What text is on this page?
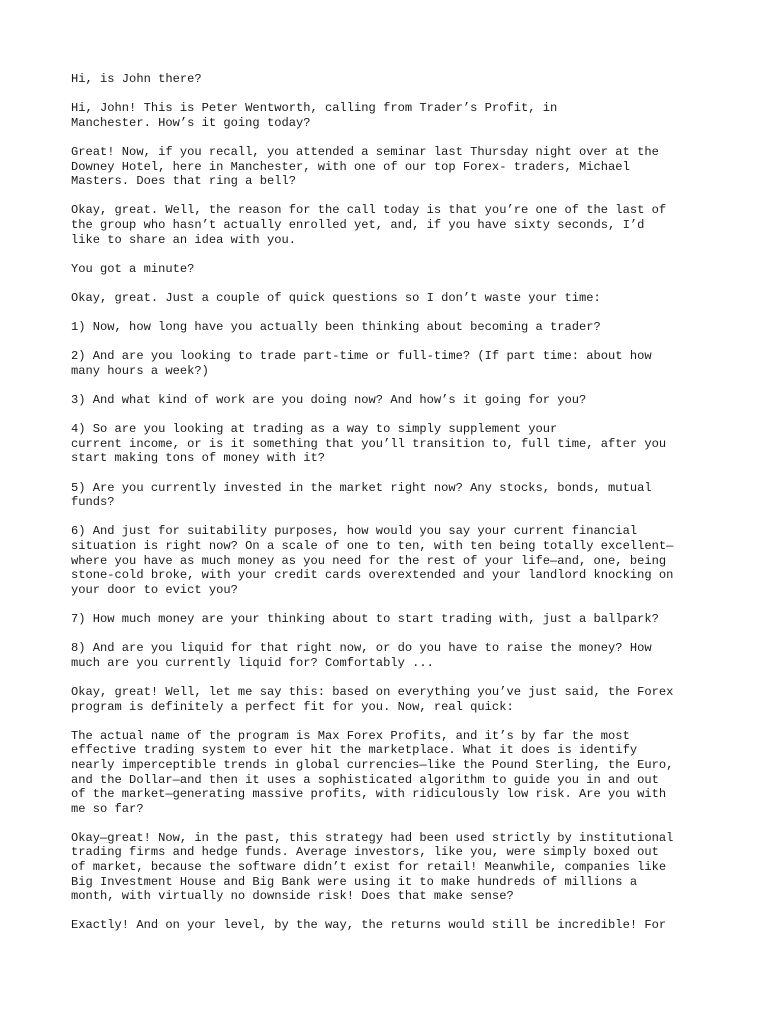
Hi, is John there?

Hi, John! This is Peter Wentworth, calling from Trader’s Profit, in
Manchester. How’s it going today?

Great! Now, if you recall, you attended a seminar last Thursday night over at the
Downey Hotel, here in Manchester, with one of our top Forex- traders, Michael
Masters. Does that ring a bell?

Okay, great. Well, the reason for the call today is that you’re one of the last of
the group who hasn’t actually enrolled yet, and, if you have sixty seconds, I’d
like to share an idea with you.

You got a minute?

Okay, great. Just a couple of quick questions so I don’t waste your time:

1) Now, how long have you actually been thinking about becoming a trader?

2) And are you looking to trade part-time or full-time? (If part time: about how
many hours a week?)

3) And what kind of work are you doing now? And how’s it going for you?

4) So are you looking at trading as a way to simply supplement your
current income, or is it something that you’ll transition to, full time, after you
start making tons of money with it?

5) Are you currently invested in the market right now? Any stocks, bonds, mutual
funds?

6) And just for suitability purposes, how would you say your current financial
situation is right now? On a scale of one to ten, with ten being totally excellent—
where you have as much money as you need for the rest of your life—and, one, being
stone-cold broke, with your credit cards overextended and your landlord knocking on
your door to evict you?

7) How much money are your thinking about to start trading with, just a ballpark?

8) And are you liquid for that right now, or do you have to raise the money? How
much are you currently liquid for? Comfortably ...

Okay, great! Well, let me say this: based on everything you’ve just said, the Forex
program is definitely a perfect fit for you. Now, real quick:

The actual name of the program is Max Forex Profits, and it’s by far the most
effective trading system to ever hit the marketplace. What it does is identify
nearly imperceptible trends in global currencies—like the Pound Sterling, the Euro,
and the Dollar—and then it uses a sophisticated algorithm to guide you in and out
of the market—generating massive profits, with ridiculously low risk. Are you with
me so far?

Okay—great! Now, in the past, this strategy had been used strictly by institutional
trading firms and hedge funds. Average investors, like you, were simply boxed out
of market, because the software didn’t exist for retail! Meanwhile, companies like
Big Investment House and Big Bank were using it to make hundreds of millions a
month, with virtually no downside risk! Does that make sense?

Exactly! And on your level, by the way, the returns would still be incredible! For
